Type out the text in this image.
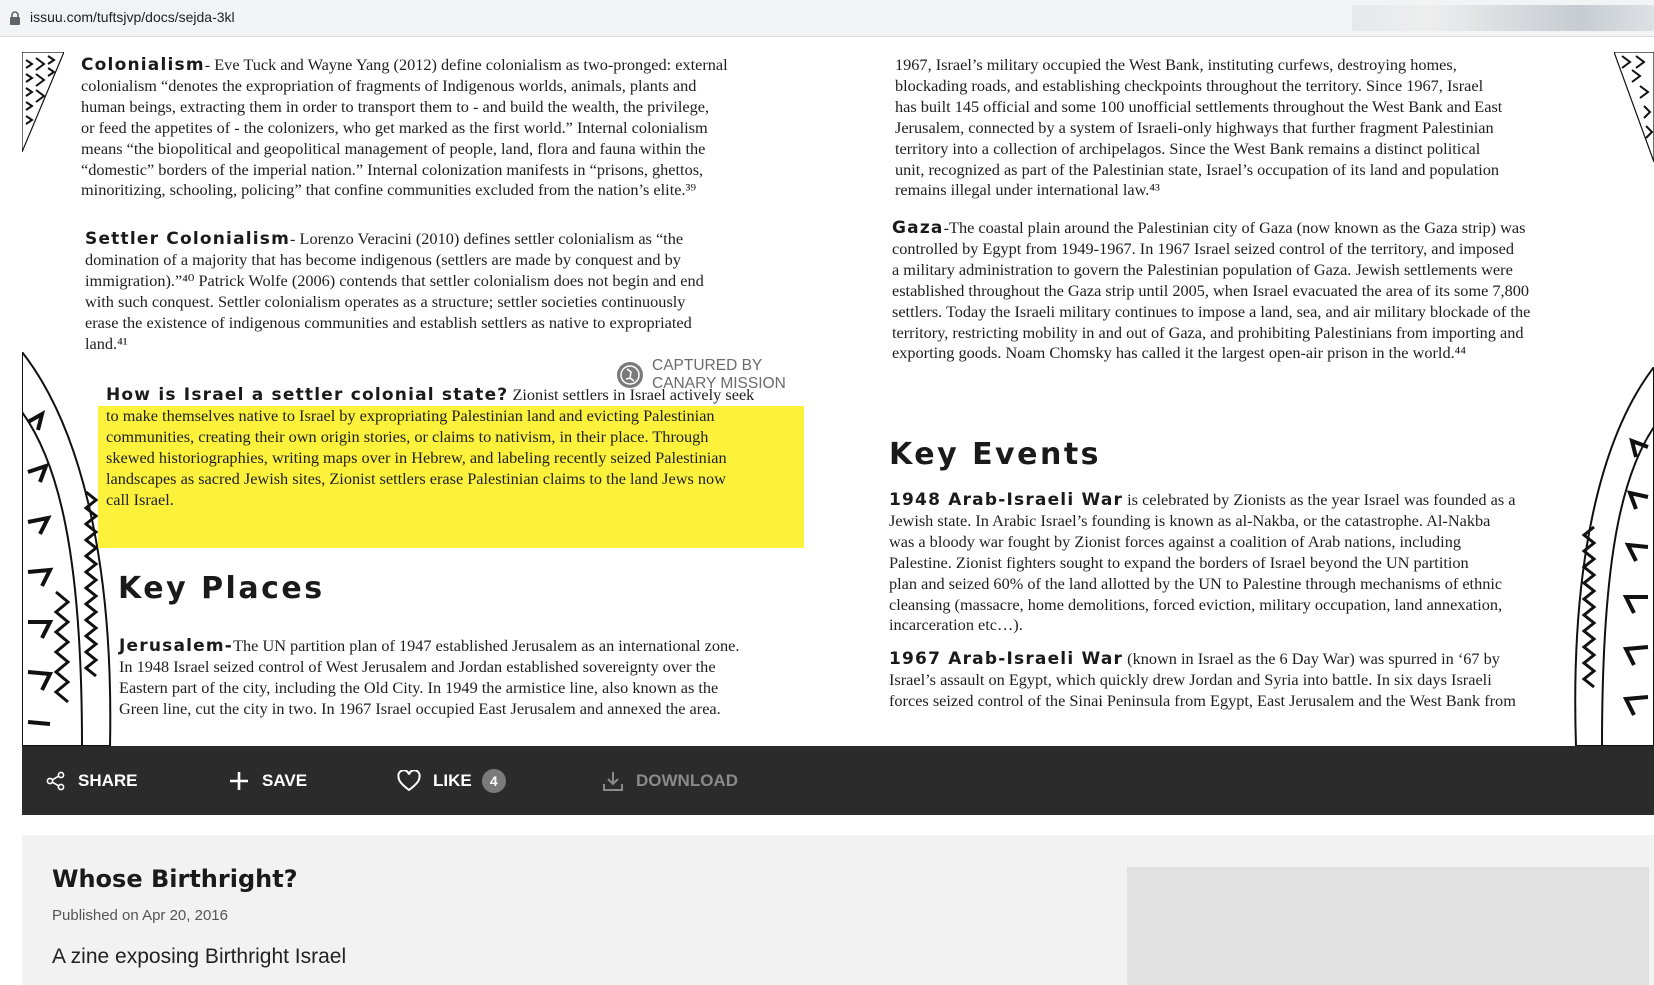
issuu.com/tuftsjvp/docs/sejda-3kl
Colonialism- Eve Tuck and Wayne Yang (2012) define colonialism as two-pronged: external
colonialism “denotes the expropriation of fragments of Indigenous worlds, animals, plants and
human beings, extracting them in order to transport them to - and build the wealth, the privilege,
or feed the appetites of - the colonizers, who get marked as the first world.” Internal colonialism
means “the biopolitical and geopolitical management of people, land, flora and fauna within the
“domestic” borders of the imperial nation.” Internal colonization manifests in “prisons, ghettos,
minoritizing, schooling, policing” that confine communities excluded from the nation’s elite.³⁹
Settler Colonialism- Lorenzo Veracini (2010) defines settler colonialism as “the
domination of a majority that has become indigenous (settlers are made by conquest and by
immigration).”⁴⁰ Patrick Wolfe (2006) contends that settler colonialism does not begin and end
with such conquest. Settler colonialism operates as a structure; settler societies continuously
erase the existence of indigenous communities and establish settlers as native to expropriated
land.⁴¹
CAPTURED BY
CANARY MISSION
How is Israel a settler colonial state? Zionist settlers in Israel actively seek
to make themselves native to Israel by expropriating Palestinian land and evicting Palestinian
communities, creating their own origin stories, or claims to nativism, in their place. Through
skewed historiographies, writing maps over in Hebrew, and labeling recently seized Palestinian
landscapes as sacred Jewish sites, Zionist settlers erase Palestinian claims to the land Jews now
call Israel.
Key Places
Jerusalem-The UN partition plan of 1947 established Jerusalem as an international zone.
In 1948 Israel seized control of West Jerusalem and Jordan established sovereignty over the
Eastern part of the city, including the Old City. In 1949 the armistice line, also known as the
Green line, cut the city in two. In 1967 Israel occupied East Jerusalem and annexed the area.
1967, Israel’s military occupied the West Bank, instituting curfews, destroying homes,
blockading roads, and establishing checkpoints throughout the territory. Since 1967, Israel
has built 145 official and some 100 unofficial settlements throughout the West Bank and East
Jerusalem, connected by a system of Israeli-only highways that further fragment Palestinian
territory into a collection of archipelagos. Since the West Bank remains a distinct political
unit, recognized as part of the Palestinian state, Israel’s occupation of its land and population
remains illegal under international law.⁴³
Gaza-The coastal plain around the Palestinian city of Gaza (now known as the Gaza strip) was
controlled by Egypt from 1949-1967. In 1967 Israel seized control of the territory, and imposed
a military administration to govern the Palestinian population of Gaza. Jewish settlements were
established throughout the Gaza strip until 2005, when Israel evacuated the area of its some 7,800
settlers. Today the Israeli military continues to impose a land, sea, and air military blockade of the
territory, restricting mobility in and out of Gaza, and prohibiting Palestinians from importing and
exporting goods. Noam Chomsky has called it the largest open-air prison in the world.⁴⁴
Key Events
1948 Arab-Israeli War is celebrated by Zionists as the year Israel was founded as a
Jewish state. In Arabic Israel’s founding is known as al-Nakba, or the catastrophe. Al-Nakba
was a bloody war fought by Zionist forces against a coalition of Arab nations, including
Palestine. Zionist fighters sought to expand the borders of Israel beyond the UN partition
plan and seized 60% of the land allotted by the UN to Palestine through mechanisms of ethnic
cleansing (massacre, home demolitions, forced eviction, military occupation, land annexation,
incarceration etc…).
1967 Arab-Israeli War (known in Israel as the 6 Day War) was spurred in ‘67 by
Israel’s assault on Egypt, which quickly drew Jordan and Syria into battle. In six days Israeli
forces seized control of the Sinai Peninsula from Egypt, East Jerusalem and the West Bank from
SHARE	SAVE	LIKE	4	DOWNLOAD
Whose Birthright?
Published on Apr 20, 2016
A zine exposing Birthright Israel
